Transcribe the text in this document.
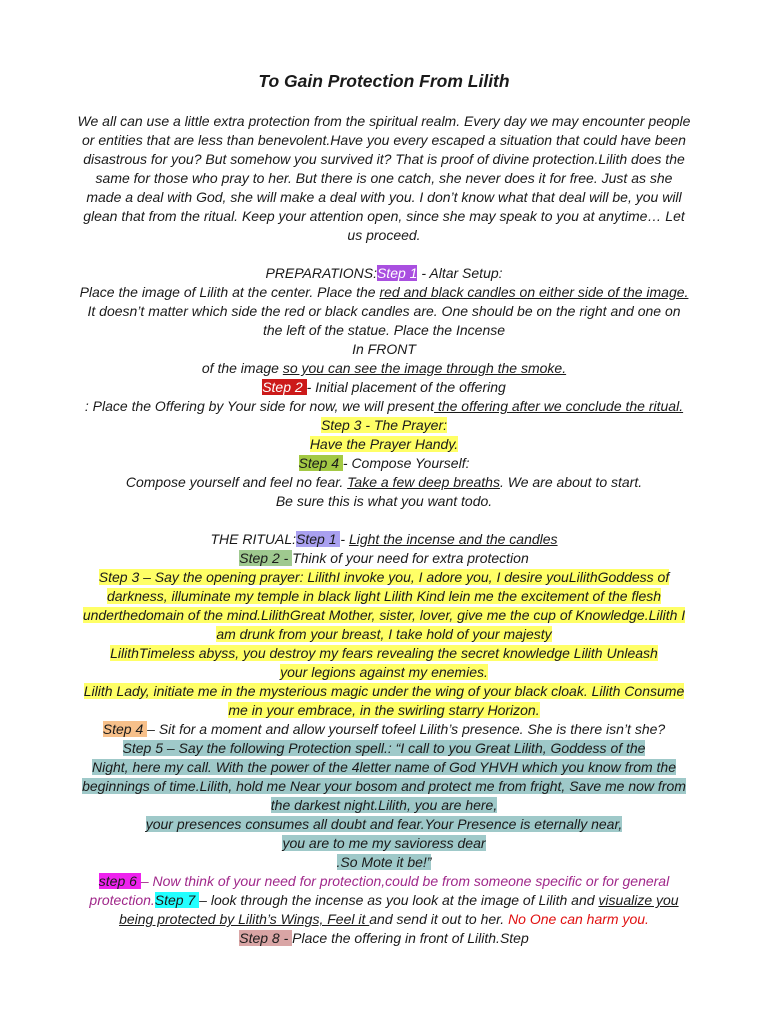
To Gain Protection From Lilith
We all can use a little extra protection from the spiritual realm. Every day we may encounter people
or entities that are less than benevolent.Have you every escaped a situation that could have been
disastrous for you? But somehow you survived it? That is proof of divine protection.Lilith does the
same for those who pray to her. But there is one catch, she never does it for free. Just as she
made a deal with God, she will make a deal with you. I don’t know what that deal will be, you will
glean that from the ritual. Keep your attention open, since she may speak to you at anytime… Let
us proceed.
PREPARATIONS:Step 1 - Altar Setup:
Place the image of Lilith at the center. Place the red and black candles on either side of the image.
It doesn’t matter which side the red or black candles are. One should be on the right and one on
the left of the statue. Place the Incense
In FRONT
of the image so you can see the image through the smoke.
Step 2 - Initial placement of the offering
: Place the Offering by Your side for now, we will present the offering after we conclude the ritual.
Step 3 - The Prayer:
Have the Prayer Handy.
Step 4 - Compose Yourself:
Compose yourself and feel no fear. Take a few deep breaths. We are about to start.
Be sure this is what you want todo.
THE RITUAL:Step 1 - Light the incense and the candles
Step 2 - Think of your need for extra protection
Step 3 – Say the opening prayer: LilithI invoke you, I adore you, I desire youLilithGoddess of
darkness, illuminate my temple in black light Lilith Kind lein me the excitement of the flesh
underthedomain of the mind.LilithGreat Mother, sister, lover, give me the cup of Knowledge.Lilith I
am drunk from your breast, I take hold of your majesty
LilithTimeless abyss, you destroy my fears revealing the secret knowledge Lilith Unleash
your legions against my enemies.
Lilith Lady, initiate me in the mysterious magic under the wing of your black cloak. Lilith Consume
me in your embrace, in the swirling starry Horizon.
Step 4 – Sit for a moment and allow yourself tofeel Lilith’s presence. She is there isn’t she?
Step 5 – Say the following Protection spell.: “I call to you Great Lilith, Goddess of the
Night, here my call. With the power of the 4letter name of God YHVH which you know from the
beginnings of time.Lilith, hold me Near your bosom and protect me from fright, Save me now from
the darkest night.Lilith, you are here,
your presences consumes all doubt and fear.Your Presence is eternally near,
you are to me my savioress dear
.So Mote it be!”
step 6 – Now think of your need for protection,could be from someone specific or for general
protection.Step 7 – look through the incense as you look at the image of Lilith and visualize you
being protected by Lilith’s Wings, Feel it and send it out to her. No One can harm you.
Step 8 - Place the offering in front of Lilith.Step
